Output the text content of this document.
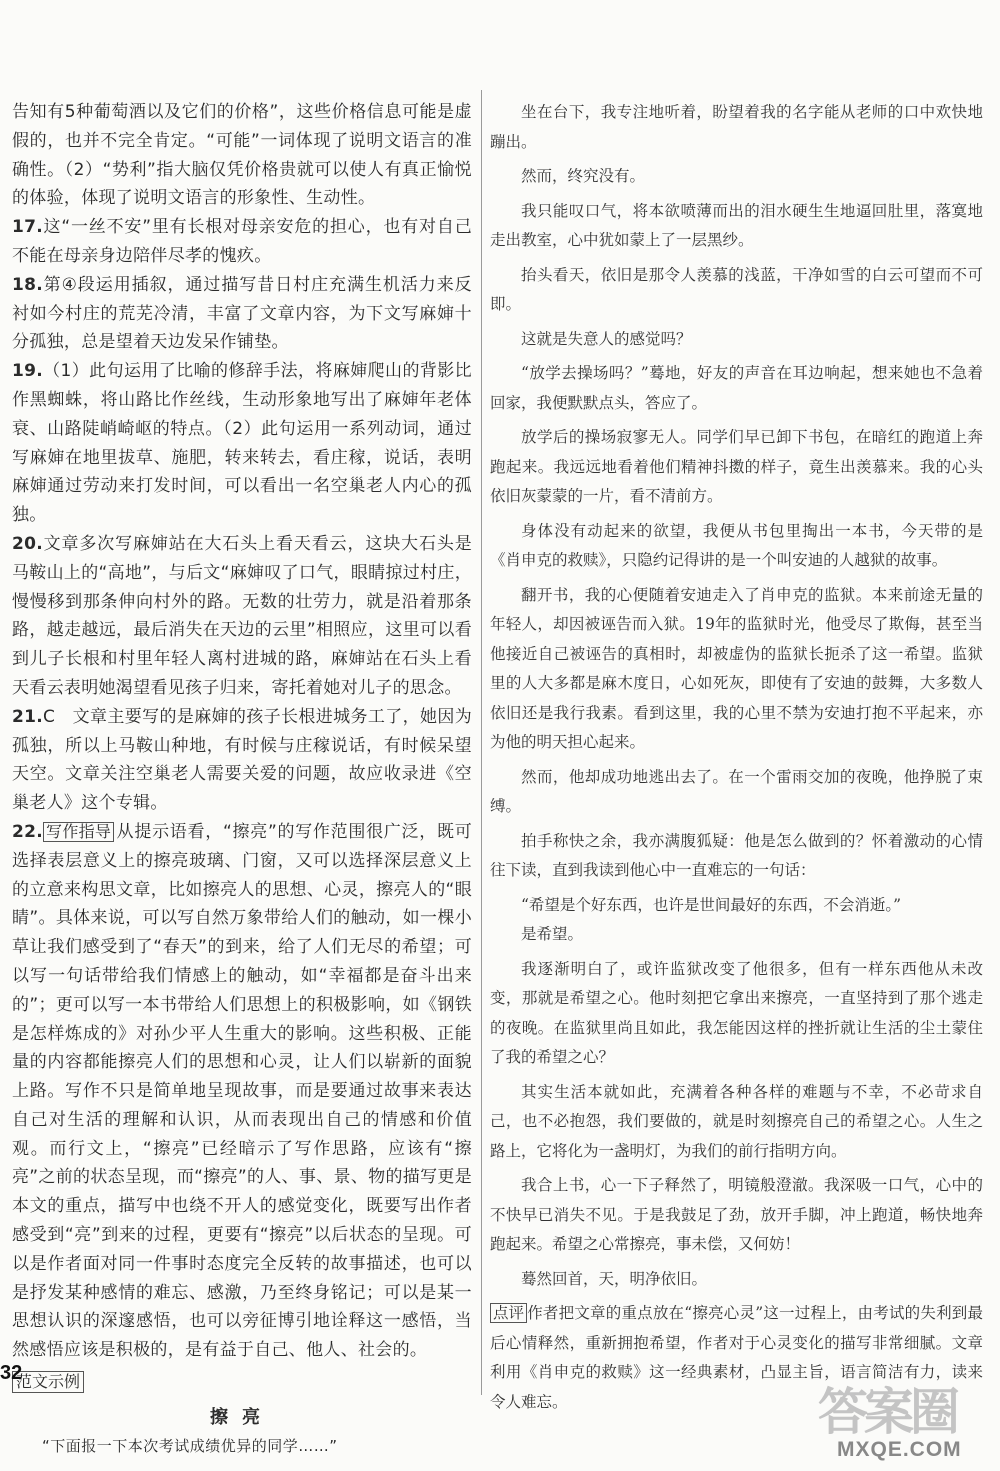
告知有5种葡萄酒以及它们的价格”，这些价格信息可能是虚假的，也并不完全肯定。“可能”一词体现了说明文语言的准确性。（2）“势利”指大脑仅凭价格贵就可以使人有真正愉悦的体验，体现了说明文语言的形象性、生动性。

17.这“一丝不安”里有长根对母亲安危的担心，也有对自己不能在母亲身边陪伴尽孝的愧疚。

18.第④段运用插叙，通过描写昔日村庄充满生机活力来反衬如今村庄的荒芜冷清，丰富了文章内容，为下文写麻婶十分孤独，总是望着天边发呆作铺垫。

19.（1）此句运用了比喻的修辞手法，将麻婶爬山的背影比作黑蜘蛛，将山路比作丝线，生动形象地写出了麻婶年老体衰、山路陡峭崎岖的特点。（2）此句运用一系列动词，通过写麻婶在地里拔草、施肥，转来转去，看庄稼，说话，表明麻婶通过劳动来打发时间，可以看出一名空巢老人内心的孤独。

20.文章多次写麻婶站在大石头上看天看云，这块大石头是马鞍山上的“高地”，与后文“麻婶叹了口气，眼睛掠过村庄，慢慢移到那条伸向村外的路。无数的壮劳力，就是沿着那条路，越走越远，最后消失在天边的云里”相照应，这里可以看到儿子长根和村里年轻人离村进城的路，麻婶站在石头上看天看云表明她渴望看见孩子归来，寄托着她对儿子的思念。

21.C　文章主要写的是麻婶的孩子长根进城务工了，她因为孤独，所以上马鞍山种地，有时候与庄稼说话，有时候呆望天空。文章关注空巢老人需要关爱的问题，故应收录进《空巢老人》这个专辑。

22. 写作指导 从提示语看，“擦亮”的写作范围很广泛，既可选择表层意义上的擦亮玻璃、门窗，又可以选择深层意义上的立意来构思文章，比如擦亮人的思想、心灵，擦亮人的“眼睛”。具体来说，可以写自然万象带给人们的触动，如一棵小草让我们感受到了“春天”的到来，给了人们无尽的希望；可以写一句话带给我们情感上的触动，如“幸福都是奋斗出来的”；更可以写一本书带给人们思想上的积极影响，如《钢铁是怎样炼成的》对孙少平人生重大的影响。这些积极、正能量的内容都能擦亮人们的思想和心灵，让人们以崭新的面貌上路。写作不只是简单地呈现故事，而是要通过故事来表达自己对生活的理解和认识，从而表现出自己的情感和价值观。而行文上，“擦亮”已经暗示了写作思路，应该有“擦亮”之前的状态呈现，而“擦亮”的人、事、景、物的描写更是本文的重点，描写中也绕不开人的感觉变化，既要写出作者感受到“亮”到来的过程，更要有“擦亮”以后状态的呈现。可以是作者面对同一件事时态度完全反转的故事描述，也可以是抒发某种感情的难忘、感激，乃至终身铭记；可以是某一思想认识的深邃感悟，也可以旁征博引地诠释这一感悟，当然感悟应该是积极的，是有益于自己、他人、社会的。

范文示例
擦亮

“下面报一下本次考试成绩优异的同学……”

32

坐在台下，我专注地听着，盼望着我的名字能从老师的口中欢快地蹦出。

然而，终究没有。

我只能叹口气，将本欲喷薄而出的泪水硬生生地逼回肚里，落寞地走出教室，心中犹如蒙上了一层黑纱。

抬头看天，依旧是那令人羡慕的浅蓝，干净如雪的白云可望而不可即。

这就是失意人的感觉吗？

“放学去操场吗？”蓦地，好友的声音在耳边响起，想来她也不急着回家，我便默默点头，答应了。

放学后的操场寂寥无人。同学们早已卸下书包，在暗红的跑道上奔跑起来。我远远地看着他们精神抖擞的样子，竟生出羡慕来。我的心头依旧灰蒙蒙的一片，看不清前方。

身体没有动起来的欲望，我便从书包里掏出一本书，今天带的是《肖申克的救赎》，只隐约记得讲的是一个叫安迪的人越狱的故事。

翻开书，我的心便随着安迪走入了肖申克的监狱。本来前途无量的年轻人，却因被诬告而入狱。19年的监狱时光，他受尽了欺侮，甚至当他接近自己被诬告的真相时，却被虚伪的监狱长扼杀了这一希望。监狱里的人大多都是麻木度日，心如死灰，即使有了安迪的鼓舞，大多数人依旧还是我行我素。看到这里，我的心里不禁为安迪打抱不平起来，亦为他的明天担心起来。

然而，他却成功地逃出去了。在一个雷雨交加的夜晚，他挣脱了束缚。

拍手称快之余，我亦满腹狐疑：他是怎么做到的？怀着激动的心情往下读，直到我读到他心中一直难忘的一句话：

“希望是个好东西，也许是世间最好的东西，不会消逝。”

是希望。

我逐渐明白了，或许监狱改变了他很多，但有一样东西他从未改变，那就是希望之心。他时刻把它拿出来擦亮，一直坚持到了那个逃走的夜晚。在监狱里尚且如此，我怎能因这样的挫折就让生活的尘土蒙住了我的希望之心？

其实生活本就如此，充满着各种各样的难题与不幸，不必苛求自己，也不必抱怨，我们要做的，就是时刻擦亮自己的希望之心。人生之路上，它将化为一盏明灯，为我们的前行指明方向。

我合上书，心一下子释然了，明镜般澄澈。我深吸一口气，心中的不快早已消失不见。于是我鼓足了劲，放开手脚，冲上跑道，畅快地奔跑起来。希望之心常擦亮，事未偿，又何妨！

蓦然回首，天，明净依旧。

点评 作者把文章的重点放在“擦亮心灵”这一过程上，由考试的失利到最后心情释然，重新拥抱希望，作者对于心灵变化的描写非常细腻。文章利用《肖申克的救赎》这一经典素材，凸显主旨，语言简洁有力，读来令人难忘。	答案圈
MXQE.COM
